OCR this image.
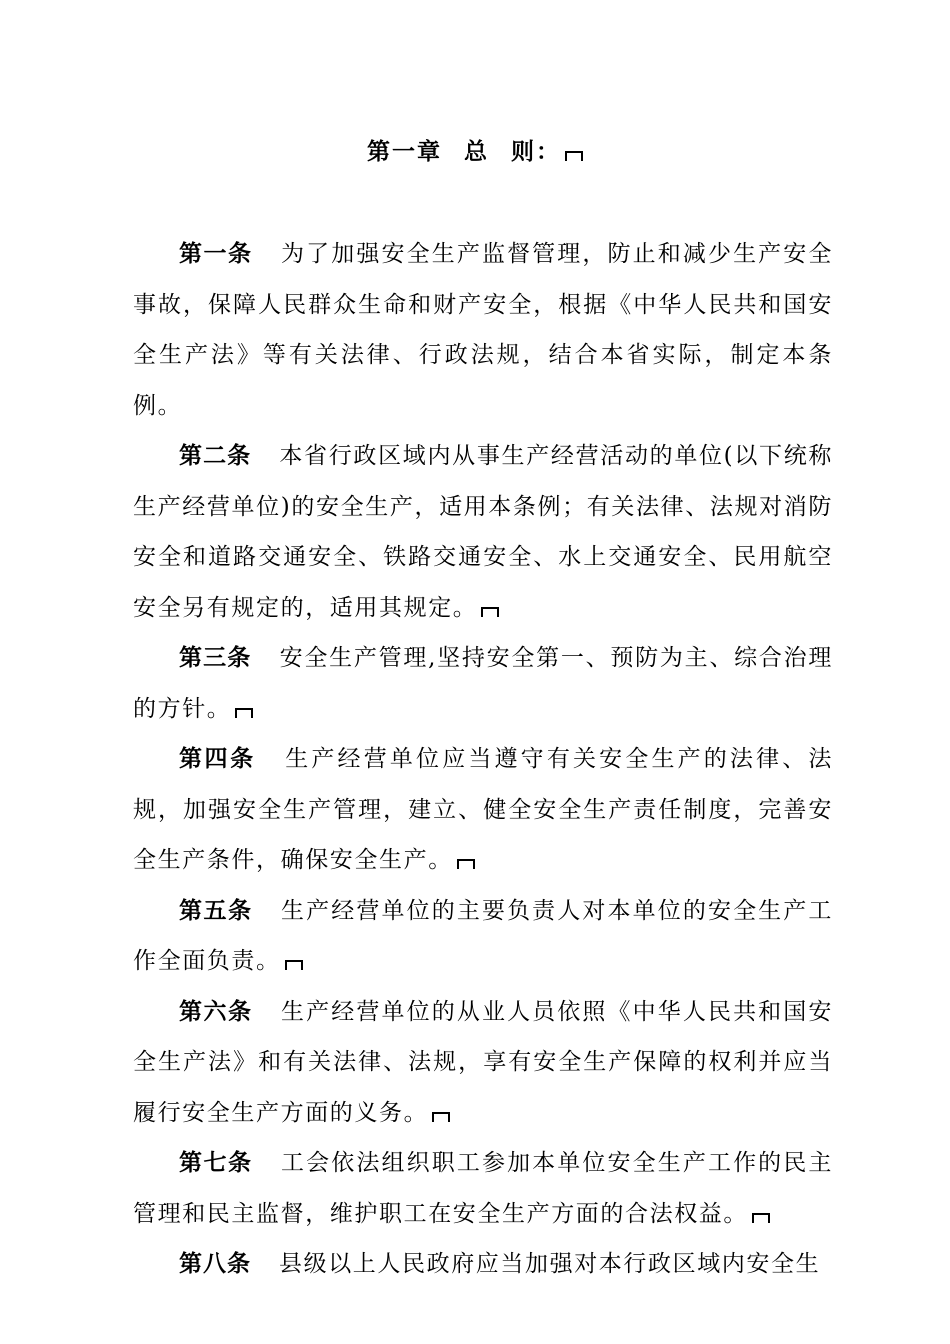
第一章 总 则：

第一条 为了加强安全生产监督管理，防止和减少生产安全事故，保障人民群众生命和财产安全，根据《中华人民共和国安全生产法》等有关法律、行政法规，结合本省实际，制定本条例。

第二条 本省行政区域内从事生产经营活动的单位(以下统称生产经营单位)的安全生产，适用本条例；有关法律、法规对消防安全和道路交通安全、铁路交通安全、水上交通安全、民用航空安全另有规定的，适用其规定。

第三条 安全生产管理,坚持安全第一、预防为主、综合治理的方针。

第四条 生产经营单位应当遵守有关安全生产的法律、法规，加强安全生产管理，建立、健全安全生产责任制度，完善安全生产条件，确保安全生产。

第五条 生产经营单位的主要负责人对本单位的安全生产工作全面负责。

第六条 生产经营单位的从业人员依照《中华人民共和国安全生产法》和有关法律、法规，享有安全生产保障的权利并应当履行安全生产方面的义务。

第七条 工会依法组织职工参加本单位安全生产工作的民主管理和民主监督，维护职工在安全生产方面的合法权益。

第八条 县级以上人民政府应当加强对本行政区域内安全生
